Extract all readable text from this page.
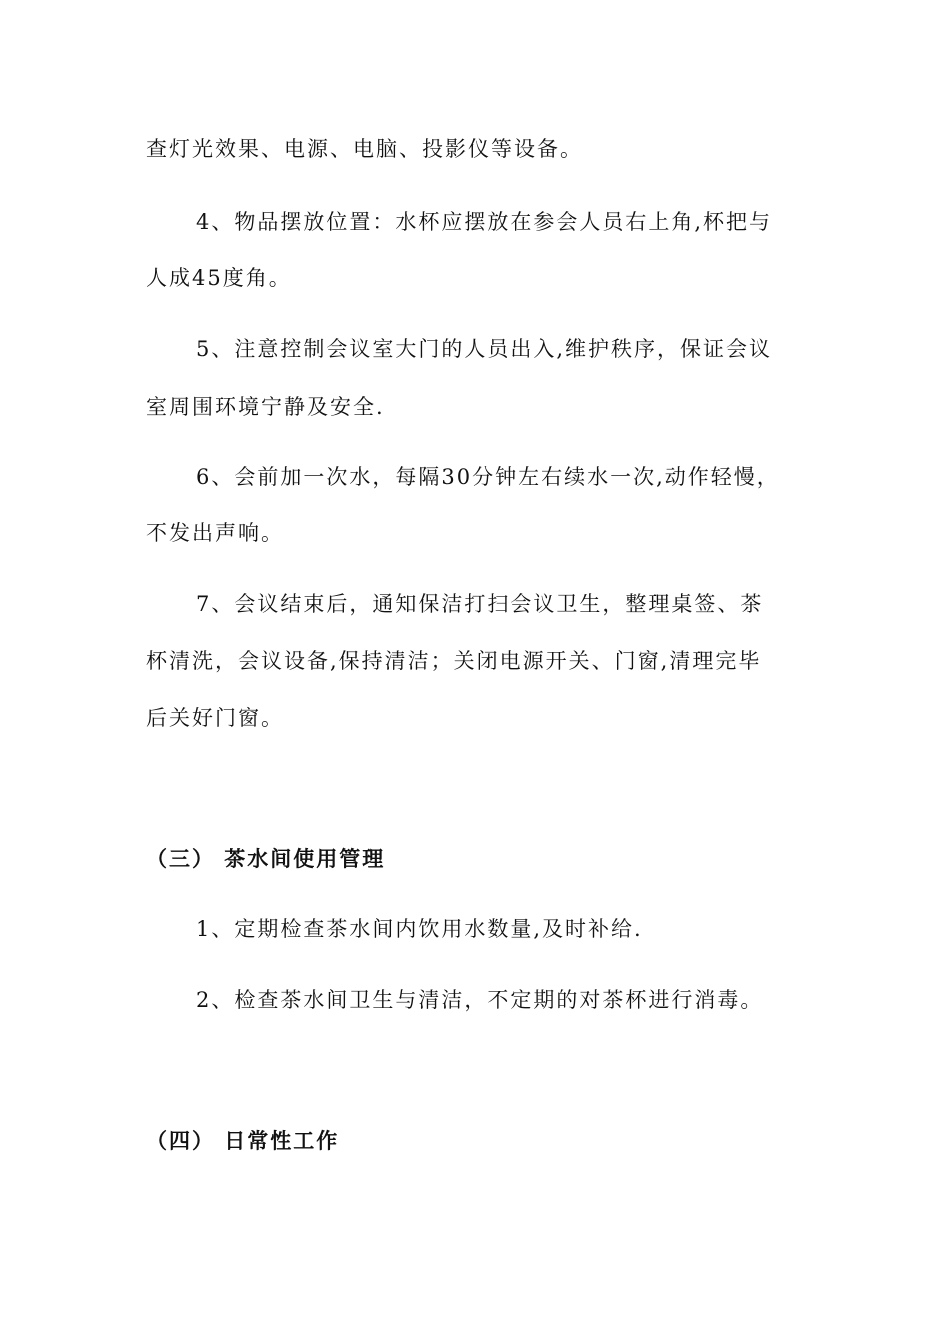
查灯光效果、电源、电脑、投影仪等设备。
4、物品摆放位置：水杯应摆放在参会人员右上角,杯把与
人成45度角。
5、注意控制会议室大门的人员出入,维护秩序，保证会议
室周围环境宁静及安全.
6、会前加一次水，每隔30分钟左右续水一次,动作轻慢，
不发出声响。
7、会议结束后，通知保洁打扫会议卫生，整理桌签、茶
杯清洗，会议设备,保持清洁；关闭电源开关、门窗,清理完毕
后关好门窗。
（三） 茶水间使用管理
1、定期检查茶水间内饮用水数量,及时补给.
2、检查茶水间卫生与清洁，不定期的对茶杯进行消毒。
（四） 日常性工作
